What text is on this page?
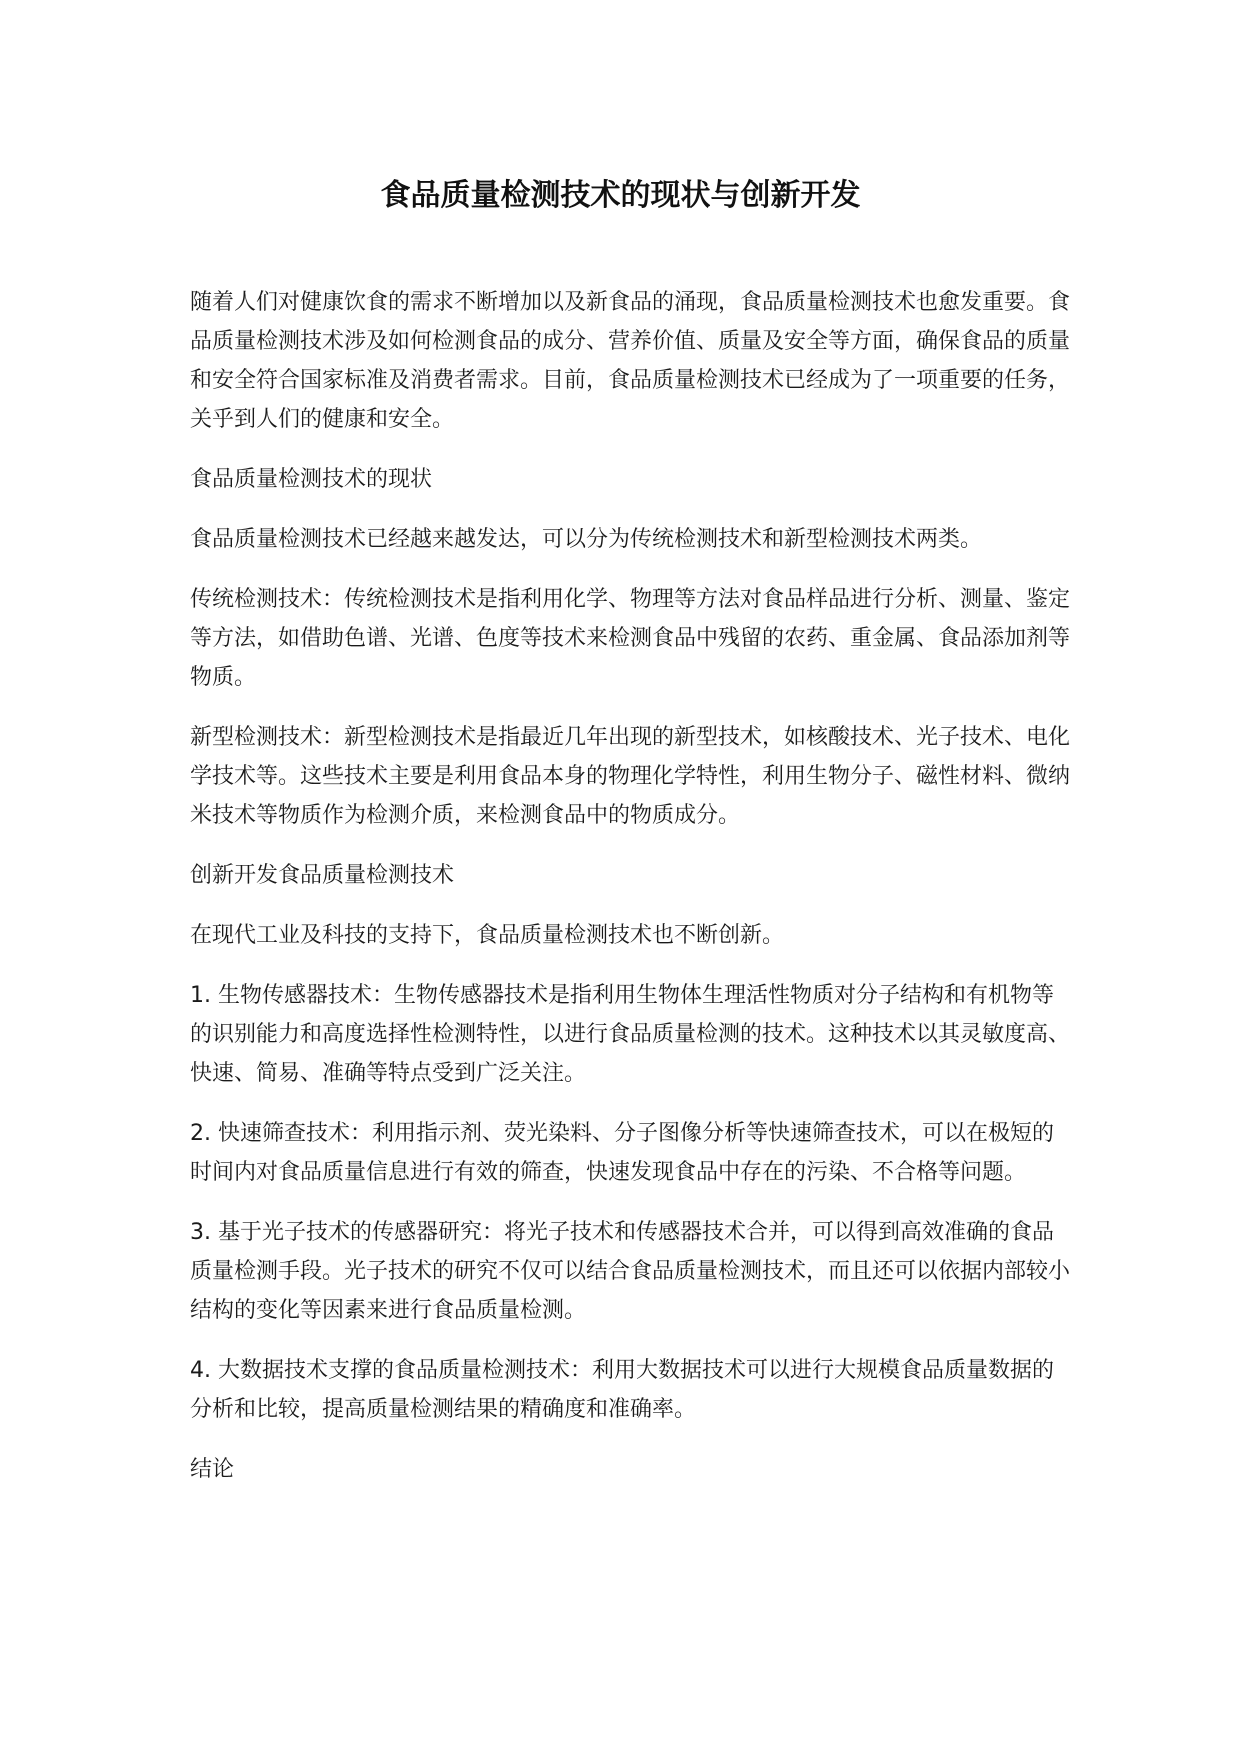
食品质量检测技术的现状与创新开发

随着人们对健康饮食的需求不断增加以及新食品的涌现，食品质量检测技术也愈发重要。食品质量检测技术涉及如何检测食品的成分、营养价值、质量及安全等方面，确保食品的质量和安全符合国家标准及消费者需求。目前，食品质量检测技术已经成为了一项重要的任务，关乎到人们的健康和安全。

食品质量检测技术的现状

食品质量检测技术已经越来越发达，可以分为传统检测技术和新型检测技术两类。

传统检测技术：传统检测技术是指利用化学、物理等方法对食品样品进行分析、测量、鉴定等方法，如借助色谱、光谱、色度等技术来检测食品中残留的农药、重金属、食品添加剂等物质。

新型检测技术：新型检测技术是指最近几年出现的新型技术，如核酸技术、光子技术、电化学技术等。这些技术主要是利用食品本身的物理化学特性，利用生物分子、磁性材料、微纳米技术等物质作为检测介质，来检测食品中的物质成分。

创新开发食品质量检测技术

在现代工业及科技的支持下，食品质量检测技术也不断创新。

1. 生物传感器技术：生物传感器技术是指利用生物体生理活性物质对分子结构和有机物等的识别能力和高度选择性检测特性，以进行食品质量检测的技术。这种技术以其灵敏度高、快速、简易、准确等特点受到广泛关注。

2. 快速筛查技术：利用指示剂、荧光染料、分子图像分析等快速筛查技术，可以在极短的时间内对食品质量信息进行有效的筛查，快速发现食品中存在的污染、不合格等问题。

3. 基于光子技术的传感器研究：将光子技术和传感器技术合并，可以得到高效准确的食品质量检测手段。光子技术的研究不仅可以结合食品质量检测技术，而且还可以依据内部较小结构的变化等因素来进行食品质量检测。

4. 大数据技术支撑的食品质量检测技术：利用大数据技术可以进行大规模食品质量数据的分析和比较，提高质量检测结果的精确度和准确率。

结论
